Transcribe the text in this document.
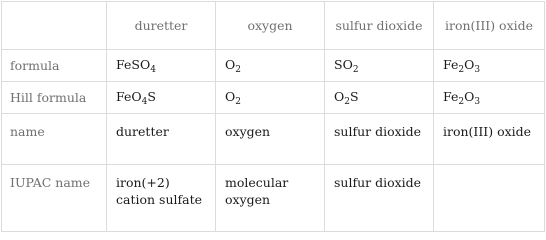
	duretter	oxygen	sulfur dioxide	iron(III) oxide
formula	FeSO$_4$	$O_2$	$SO_2$	$Fe_2O_3$
Hill formula	FeO$_4$S	$O_2$	$O_2S$	$Fe_2O_3$
name	duretter	oxygen	sulfur dioxide	iron(III) oxide
IUPAC name	iron(+2) cation sulfate	molecular oxygen	sulfur dioxide	
